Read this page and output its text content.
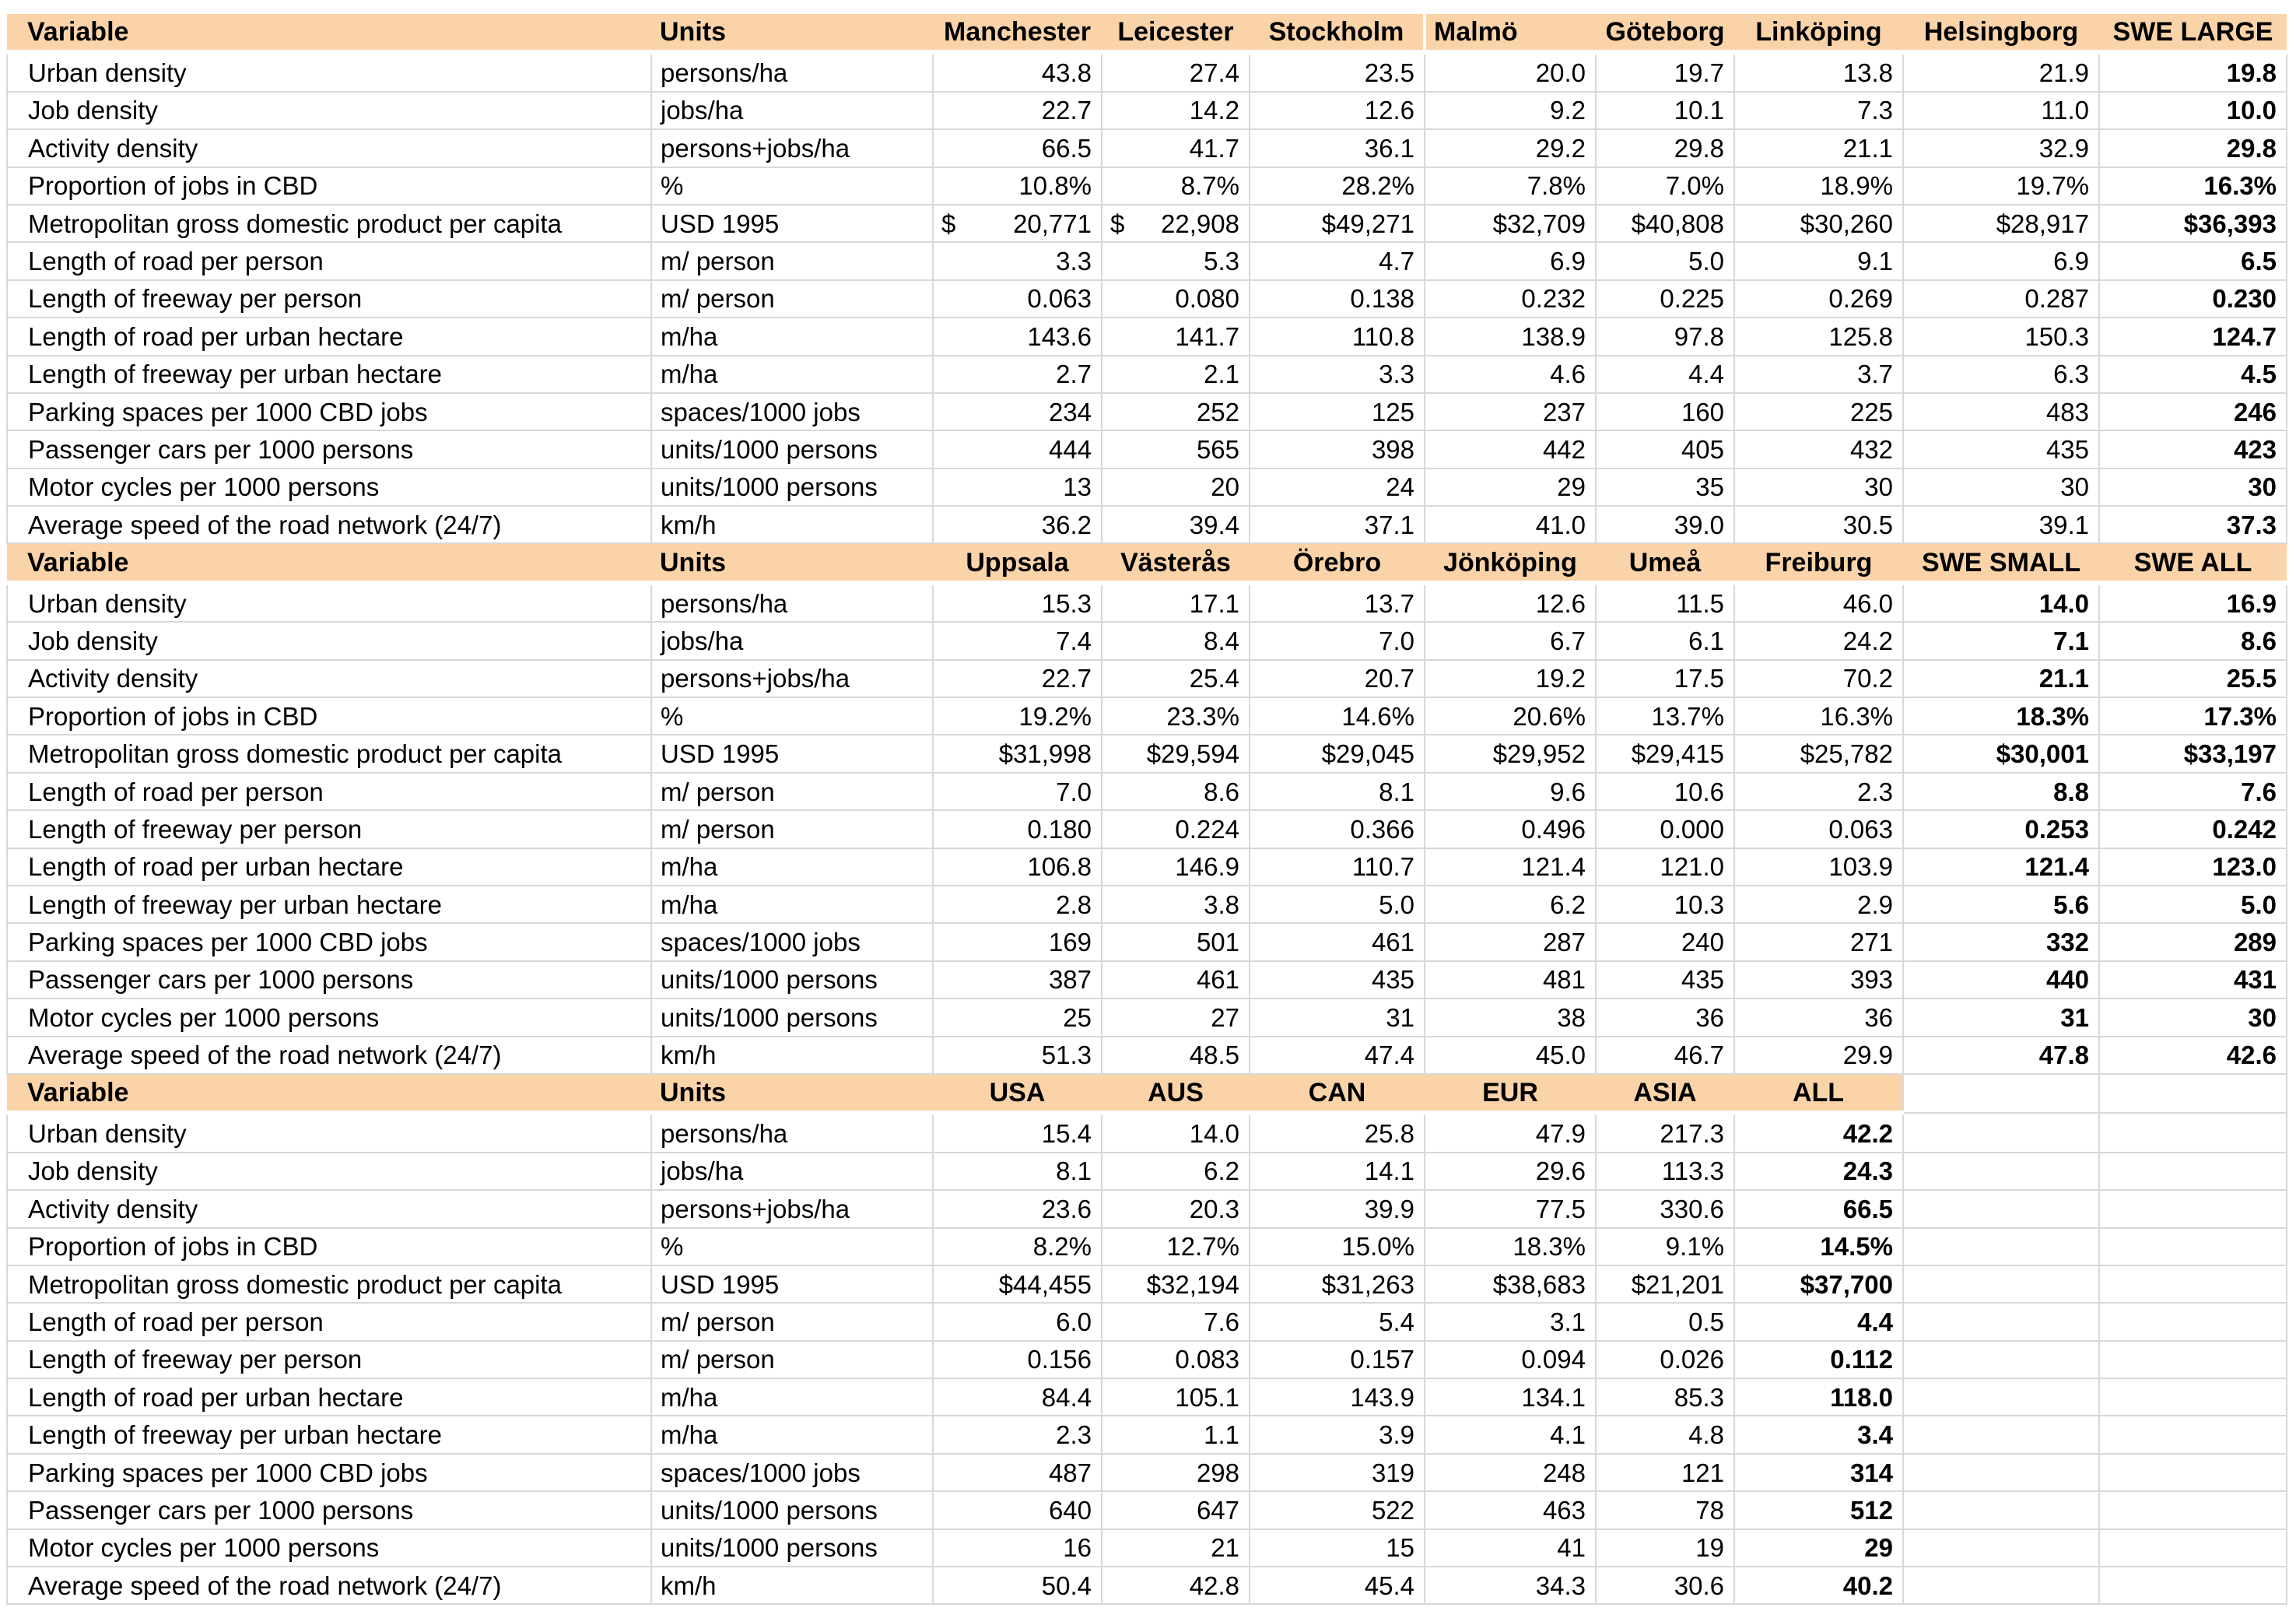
Variable	Units	Manchester	Leicester	Stockholm	Malmö	Göteborg	Linköping	Helsingborg	SWE LARGE
Urban density	persons/ha	43.8	27.4	23.5	20.0	19.7	13.8	21.9	19.8
Job density	jobs/ha	22.7	14.2	12.6	9.2	10.1	7.3	11.0	10.0
Activity density	persons+jobs/ha	66.5	41.7	36.1	29.2	29.8	21.1	32.9	29.8
Proportion of jobs in CBD	%	10.8%	8.7%	28.2%	7.8%	7.0%	18.9%	19.7%	16.3%
Metropolitan gross domestic product per capita	USD 1995	$ 20,771	$ 22,908	$49,271	$32,709	$40,808	$30,260	$28,917	$36,393
Length of road per person	m/ person	3.3	5.3	4.7	6.9	5.0	9.1	6.9	6.5
Length of freeway per person	m/ person	0.063	0.080	0.138	0.232	0.225	0.269	0.287	0.230
Length of road per urban hectare	m/ha	143.6	141.7	110.8	138.9	97.8	125.8	150.3	124.7
Length of freeway per urban hectare	m/ha	2.7	2.1	3.3	4.6	4.4	3.7	6.3	4.5
Parking spaces per 1000 CBD jobs	spaces/1000 jobs	234	252	125	237	160	225	483	246
Passenger cars per 1000 persons	units/1000 persons	444	565	398	442	405	432	435	423
Motor cycles per 1000 persons	units/1000 persons	13	20	24	29	35	30	30	30
Average speed of the road network (24/7)	km/h	36.2	39.4	37.1	41.0	39.0	30.5	39.1	37.3
Variable	Units	Uppsala	Västerås	Örebro	Jönköping	Umeå	Freiburg	SWE SMALL	SWE ALL
Urban density	persons/ha	15.3	17.1	13.7	12.6	11.5	46.0	14.0	16.9
Job density	jobs/ha	7.4	8.4	7.0	6.7	6.1	24.2	7.1	8.6
Activity density	persons+jobs/ha	22.7	25.4	20.7	19.2	17.5	70.2	21.1	25.5
Proportion of jobs in CBD	%	19.2%	23.3%	14.6%	20.6%	13.7%	16.3%	18.3%	17.3%
Metropolitan gross domestic product per capita	USD 1995	$31,998	$29,594	$29,045	$29,952	$29,415	$25,782	$30,001	$33,197
Length of road per person	m/ person	7.0	8.6	8.1	9.6	10.6	2.3	8.8	7.6
Length of freeway per person	m/ person	0.180	0.224	0.366	0.496	0.000	0.063	0.253	0.242
Length of road per urban hectare	m/ha	106.8	146.9	110.7	121.4	121.0	103.9	121.4	123.0
Length of freeway per urban hectare	m/ha	2.8	3.8	5.0	6.2	10.3	2.9	5.6	5.0
Parking spaces per 1000 CBD jobs	spaces/1000 jobs	169	501	461	287	240	271	332	289
Passenger cars per 1000 persons	units/1000 persons	387	461	435	481	435	393	440	431
Motor cycles per 1000 persons	units/1000 persons	25	27	31	38	36	36	31	30
Average speed of the road network (24/7)	km/h	51.3	48.5	47.4	45.0	46.7	29.9	47.8	42.6
Variable	Units	USA	AUS	CAN	EUR	ASIA	ALL		
Urban density	persons/ha	15.4	14.0	25.8	47.9	217.3	42.2		
Job density	jobs/ha	8.1	6.2	14.1	29.6	113.3	24.3		
Activity density	persons+jobs/ha	23.6	20.3	39.9	77.5	330.6	66.5		
Proportion of jobs in CBD	%	8.2%	12.7%	15.0%	18.3%	9.1%	14.5%		
Metropolitan gross domestic product per capita	USD 1995	$44,455	$32,194	$31,263	$38,683	$21,201	$37,700		
Length of road per person	m/ person	6.0	7.6	5.4	3.1	0.5	4.4		
Length of freeway per person	m/ person	0.156	0.083	0.157	0.094	0.026	0.112		
Length of road per urban hectare	m/ha	84.4	105.1	143.9	134.1	85.3	118.0		
Length of freeway per urban hectare	m/ha	2.3	1.1	3.9	4.1	4.8	3.4		
Parking spaces per 1000 CBD jobs	spaces/1000 jobs	487	298	319	248	121	314		
Passenger cars per 1000 persons	units/1000 persons	640	647	522	463	78	512		
Motor cycles per 1000 persons	units/1000 persons	16	21	15	41	19	29		
Average speed of the road network (24/7)	km/h	50.4	42.8	45.4	34.3	30.6	40.2		
